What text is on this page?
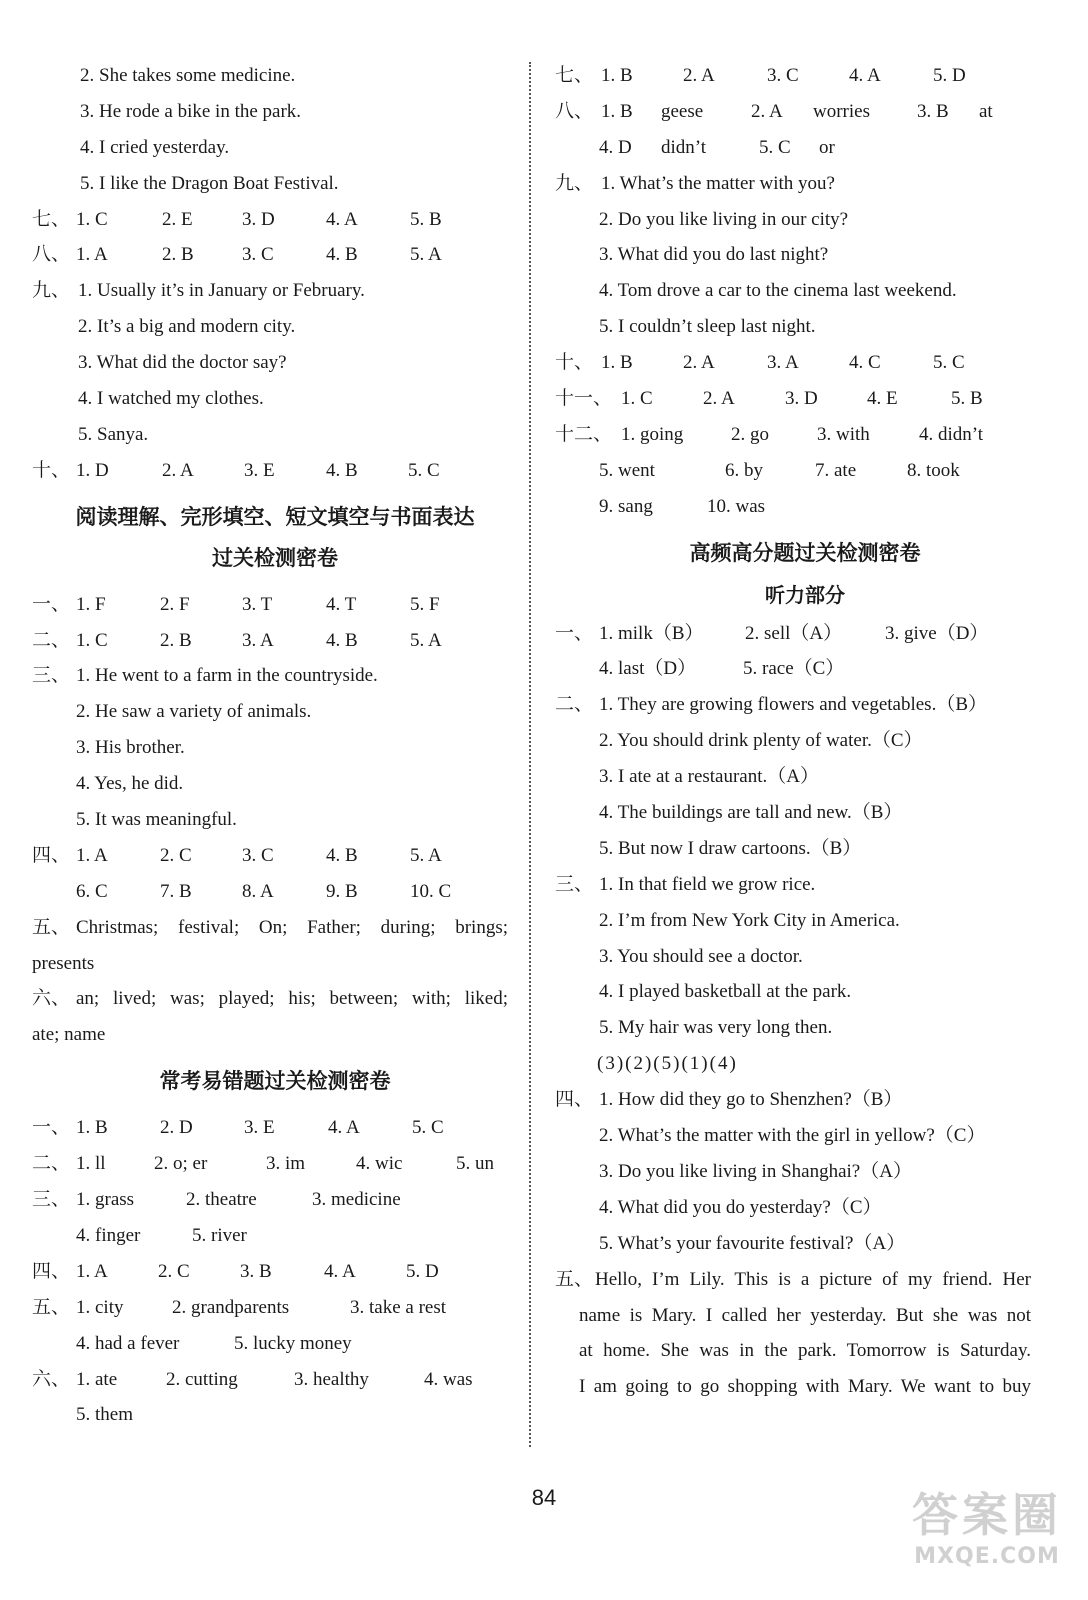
2. She takes some medicine.
3. He rode a bike in the park.
4. I cried yesterday.
5. I like the Dragon Boat Festival.
七、 1. C	2. E	3. D	4. A	5. B
八、 1. A	2. B	3. C	4. B	5. A
九、 1. Usually it’s in January or February.
2. It’s a big and modern city.
3. What did the doctor say?
4. I watched my clothes.
5. Sanya.
十、 1. D	2. A	3. E	4. B	5. C
阅读理解、完形填空、短文填空与书面表达
过关检测密卷
一、 1. F	2. F	3. T	4. T	5. F
二、 1. C	2. B	3. A	4. B	5. A
三、 1. He went to a farm in the countryside.
2. He saw a variety of animals.
3. His brother.
4. Yes, he did.
5. It was meaningful.
四、 1. A	2. C	3. C	4. B	5. A
6. C	7. B	8. A	9. B	10. C
五、 Christmas; festival; On; Father; during; brings;
presents
六、 an; lived; was; played; his; between; with; liked;
ate; name
常考易错题过关检测密卷
一、 1. B	2. D	3. E	4. A	5. C
二、 1. ll	2. o; er	3. im	4. wic	5. un
三、 1. grass	2. theatre	3. medicine
4. finger	5. river
四、 1. A	2. C	3. B	4. A	5. D
五、 1. city	2. grandparents	3. take a rest
4. had a fever	5. lucky money
六、 1. ate	2. cutting	3. healthy	4. was
5. them
七、 1. B	2. A	3. C	4. A	5. D
八、 1. B geese	2. A worries 3. B at
4. D didn’t	5. C or
九、 1. What’s the matter with you?
2. Do you like living in our city?
3. What did you do last night?
4. Tom drove a car to the cinema last weekend.
5. I couldn’t sleep last night.
十、 1. B	2. A	3. A	4. C	5. C
十一、 1. C	2. A	3. D	4. E	5. B
十二、 1. going	2. go	3. with	4. didn’t
5. went	6. by	7. ate	8. took
9. sang	10. was
高频高分题过关检测密卷
听力部分
一、 1. milk（B） 2. sell（A） 3. give（D）
4. last（D） 5. race（C）
二、 1. They are growing flowers and vegetables.（B）
2. You should drink plenty of water.（C）
3. I ate at a restaurant.（A）
4. The buildings are tall and new.（B）
5. But now I draw cartoons.（B）
三、 1. In that field we grow rice.
2. I’m from New York City in America.
3. You should see a doctor.
4. I played basketball at the park.
5. My hair was very long then.
(3)(2)(5)(1)(4)
四、 1. How did they go to Shenzhen?（B）
2. What’s the matter with the girl in yellow?（C）
3. Do you like living in Shanghai?（A）
4. What did you do yesterday?（C）
5. What’s your favourite festival?（A）
五、 Hello, I’m Lily. This is a picture of my friend. Her
name is Mary. I called her yesterday. But she was not
at home. She was in the park. Tomorrow is Saturday.
I am going to go shopping with Mary. We want to buy
84	答案圈
MXQE.COM
